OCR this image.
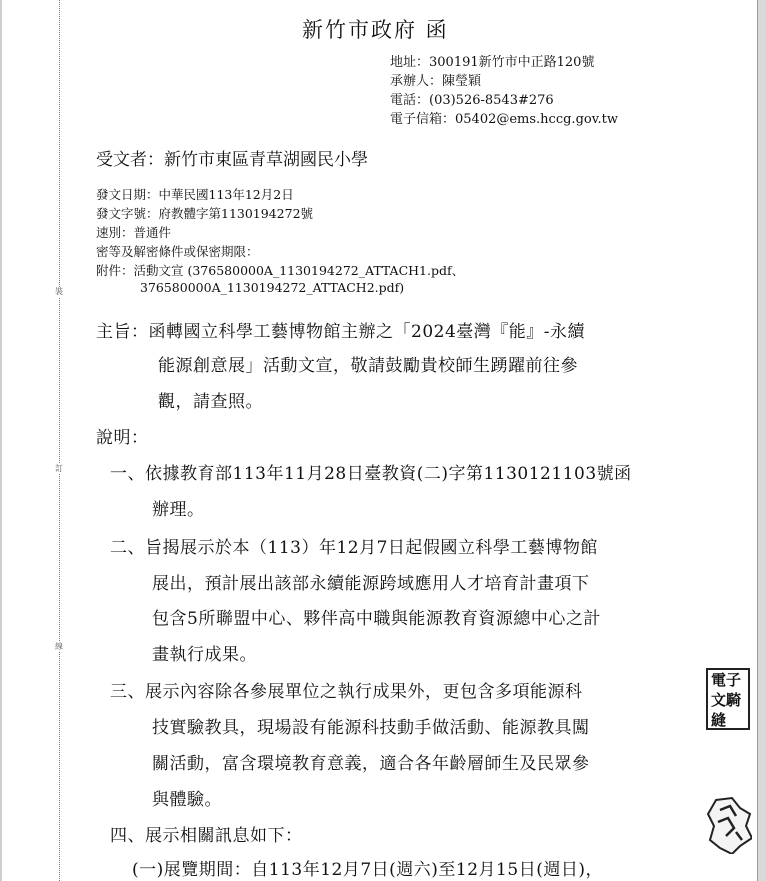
裝
訂
線
新竹市政府 函
地址：300191新竹市中正路120號
承辦人：陳瑩穎
電話：(03)526-8543#276
電子信箱：05402@ems.hccg.gov.tw
受文者：新竹市東區青草湖國民小學
發文日期：中華民國113年12月2日
發文字號：府教體字第1130194272號
速別：普通件
密等及解密條件或保密期限：
附件：活動文宣 (376580000A_1130194272_ATTACH1.pdf、
376580000A_1130194272_ATTACH2.pdf)
主旨：函轉國立科學工藝博物館主辦之「2024臺灣『能』-永續
能源創意展」活動文宣，敬請鼓勵貴校師生踴躍前往參
觀，請查照。
說明：
一、依據教育部113年11月28日臺教資(二)字第1130121103號函
辦理。
二、旨揭展示於本（113）年12月7日起假國立科學工藝博物館
展出，預計展出該部永續能源跨域應用人才培育計畫項下
包含5所聯盟中心、夥伴高中職與能源教育資源總中心之計
畫執行成果。
三、展示內容除各參展單位之執行成果外，更包含多項能源科
技實驗教具，現場設有能源科技動手做活動、能源教具闖
關活動，富含環境教育意義，適合各年齡層師生及民眾參
與體驗。
四、展示相關訊息如下：
(一)展覽期間：自113年12月7日(週六)至12月15日(週日)，
電子文騎縫
